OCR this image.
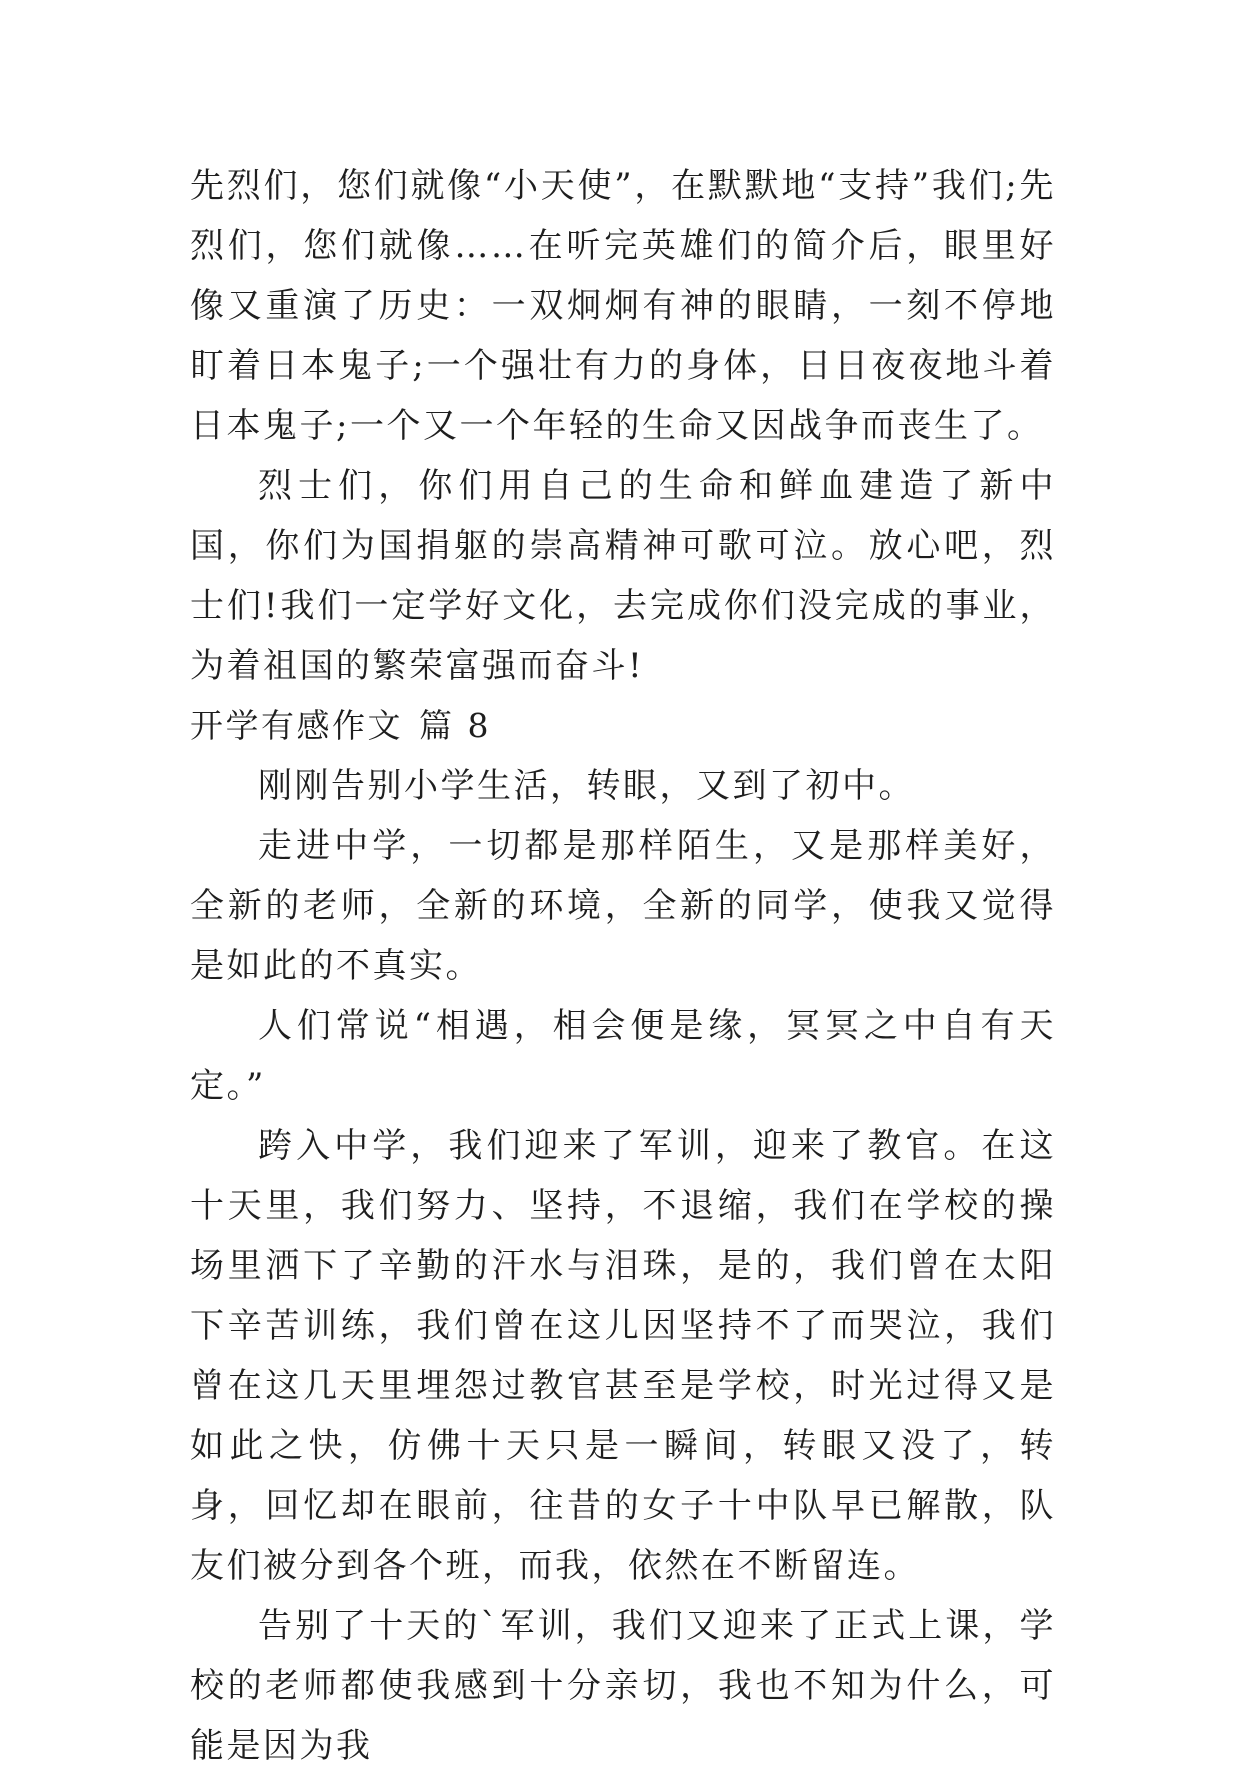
先烈们，您们就像“小天使”，在默默地“支持”我们;先烈们，您们就像……在听完英雄们的简介后，眼里好像又重演了历史：一双炯炯有神的眼睛，一刻不停地盯着日本鬼子;一个强壮有力的身体，日日夜夜地斗着日本鬼子;一个又一个年轻的生命又因战争而丧生了。

烈士们，你们用自己的生命和鲜血建造了新中国，你们为国捐躯的崇高精神可歌可泣。放心吧，烈士们!我们一定学好文化，去完成你们没完成的事业，为着祖国的繁荣富强而奋斗!

开学有感作文 篇 8

刚刚告别小学生活，转眼，又到了初中。

走进中学，一切都是那样陌生，又是那样美好，全新的老师，全新的环境，全新的同学，使我又觉得是如此的不真实。

人们常说“相遇，相会便是缘，冥冥之中自有天定。”

跨入中学，我们迎来了军训，迎来了教官。在这十天里，我们努力、坚持，不退缩，我们在学校的操场里洒下了辛勤的汗水与泪珠，是的，我们曾在太阳下辛苦训练，我们曾在这儿因坚持不了而哭泣，我们曾在这几天里埋怨过教官甚至是学校，时光过得又是如此之快，仿佛十天只是一瞬间，转眼又没了，转身，回忆却在眼前，往昔的女子十中队早已解散，队友们被分到各个班，而我，依然在不断留连。

告别了十天的`军训，我们又迎来了正式上课，学校的老师都使我感到十分亲切，我也不知为什么，可能是因为我
